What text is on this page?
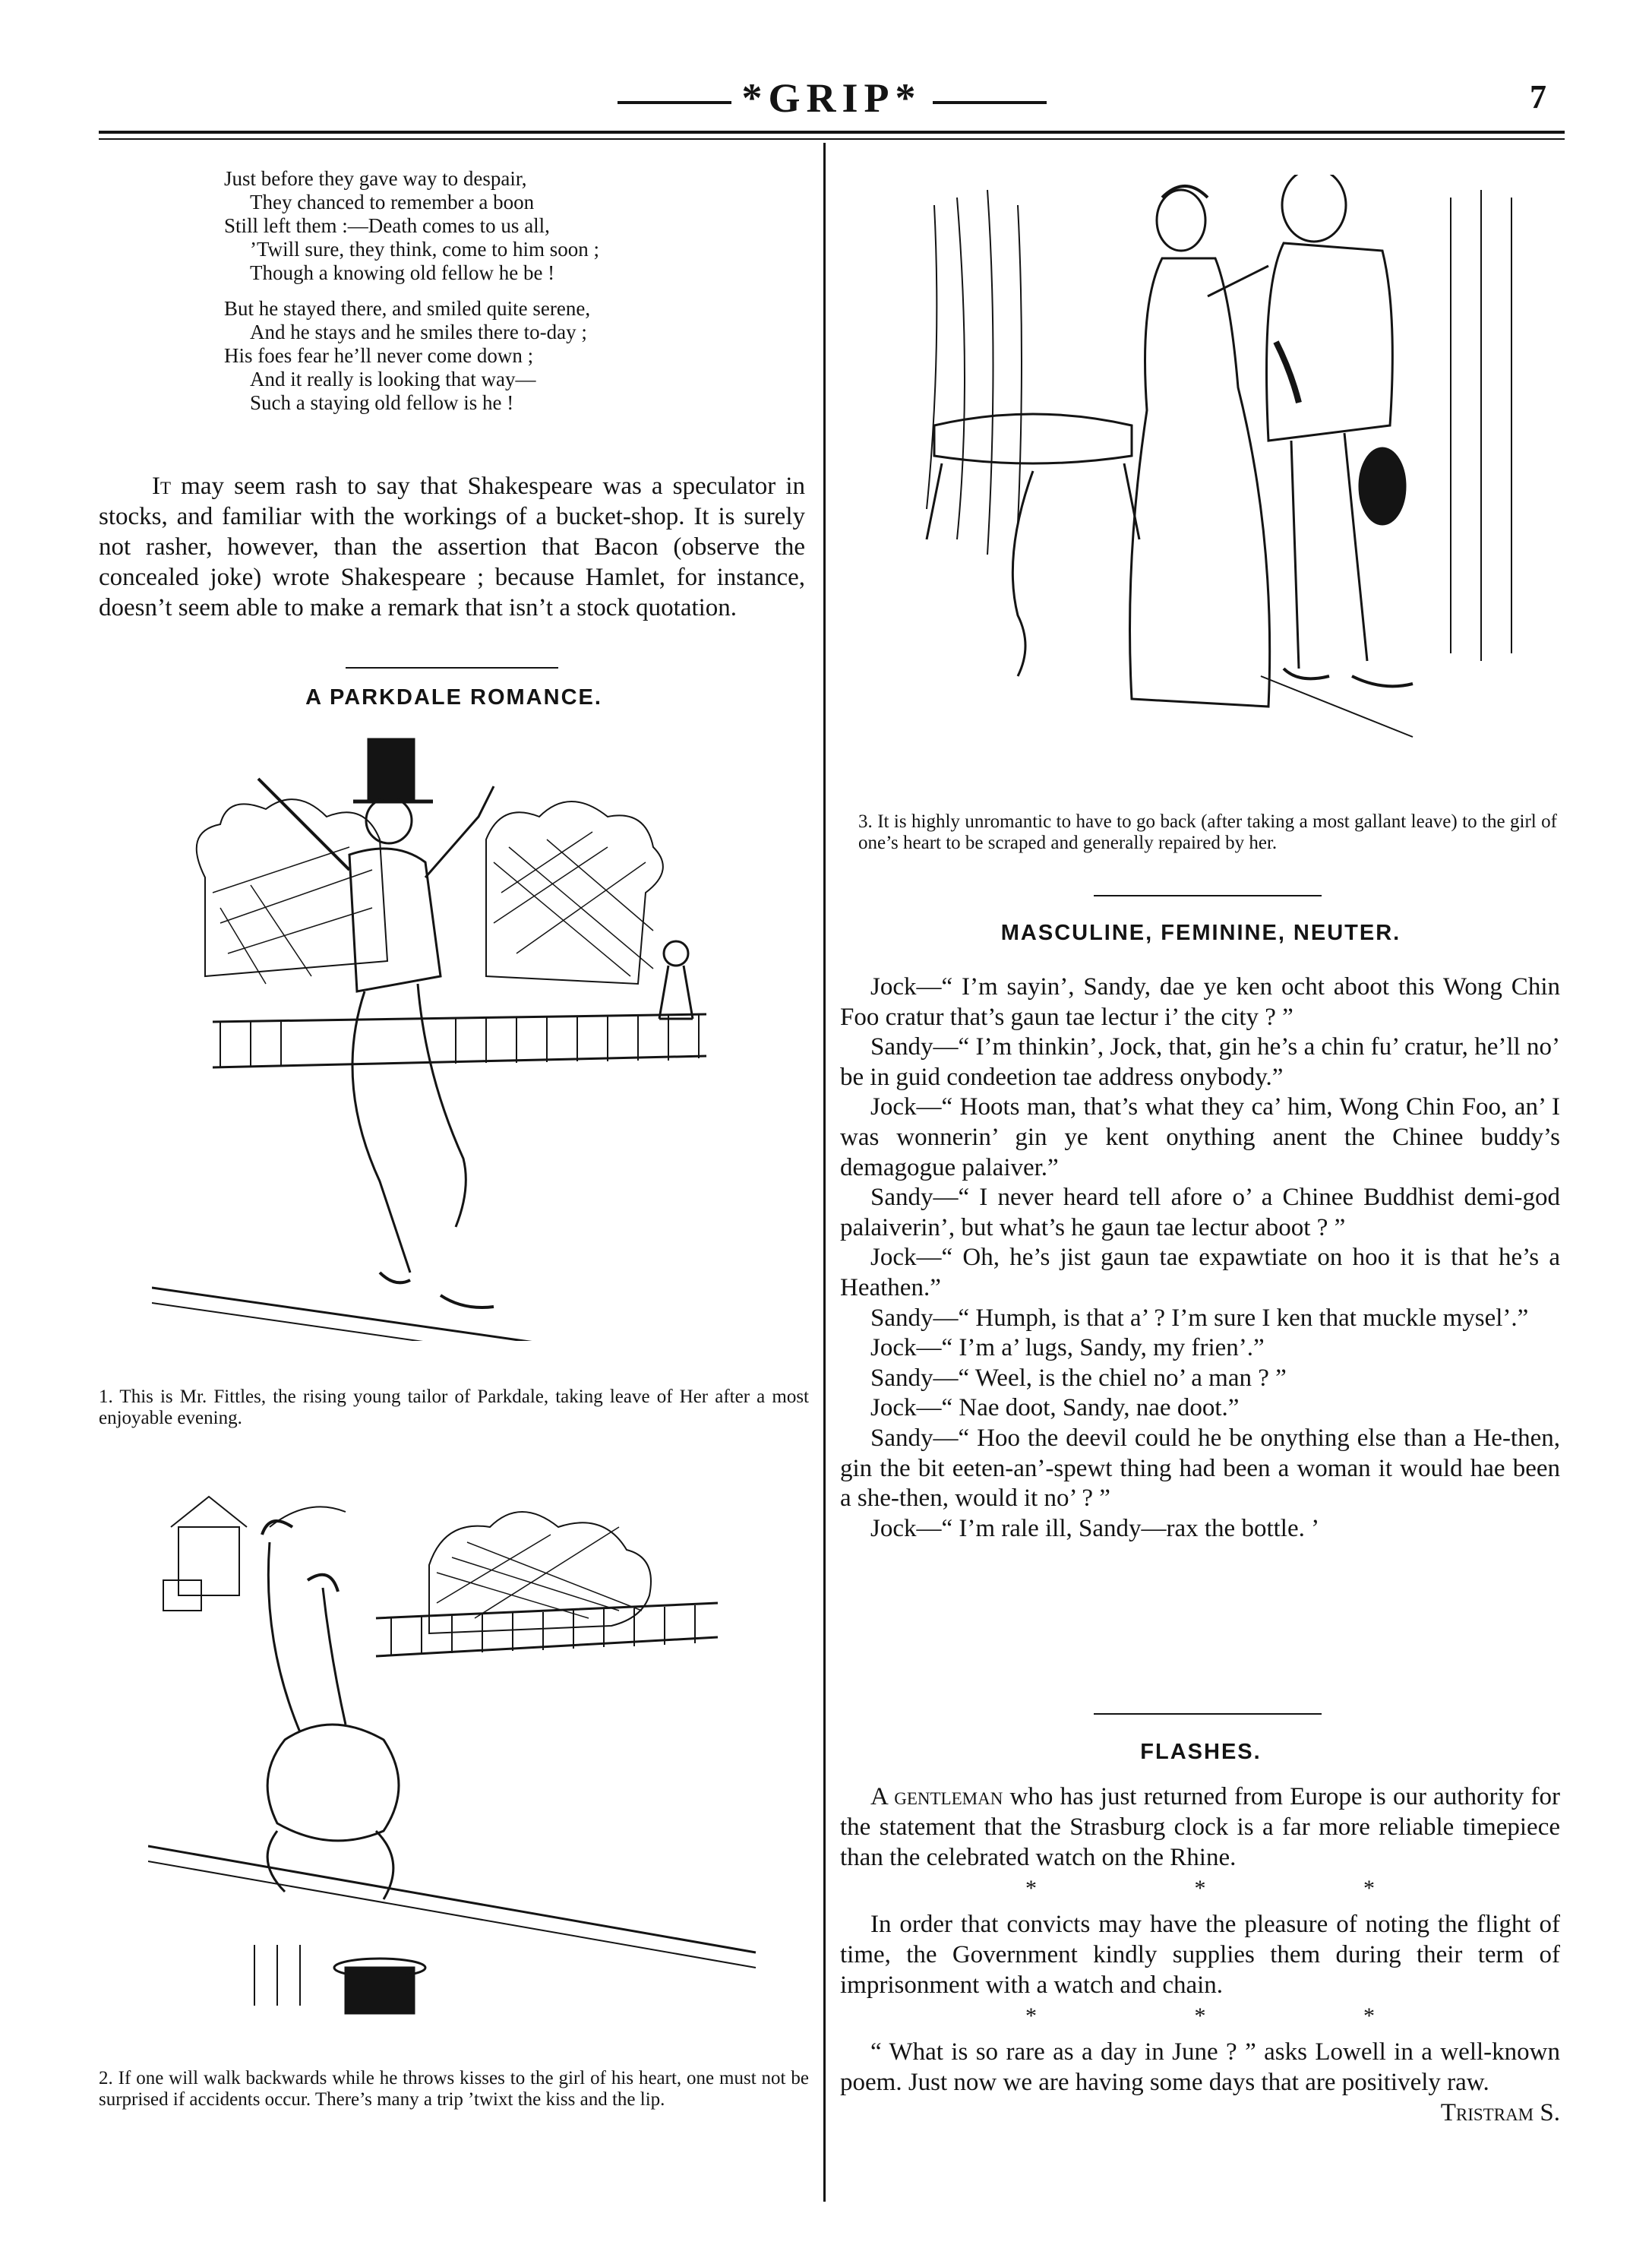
*GRIP*	7
Just before they gave way to despair,
They chanced to remember a boon
Still left them :—Death comes to us all,
’Twill sure, they think, come to him soon ;
Though a knowing old fellow he be !
But he stayed there, and smiled quite serene,
And he stays and he smiles there to-day ;
His foes fear he’ll never come down ;
And it really is looking that way—
Such a staying old fellow is he !

It may seem rash to say that Shakespeare was a speculator in stocks, and familiar with the workings of a bucket-shop. It is surely not rasher, however, than the assertion that Bacon (observe the concealed joke) wrote Shakespeare ; because Hamlet, for instance, doesn’t seem able to make a remark that isn’t a stock quotation.

A PARKDALE ROMANCE.
1. This is Mr. Fittles, the rising young tailor of Parkdale, taking leave of Her after a most enjoyable evening.
2. If one will walk backwards while he throws kisses to the girl of his heart, one must not be surprised if accidents occur. There’s many a trip ’twixt the kiss and the lip.
3. It is highly unromantic to have to go back (after taking a most gallant leave) to the girl of one’s heart to be scraped and generally repaired by her.
MASCULINE, FEMININE, NEUTER.

Jock—“ I’m sayin’, Sandy, dae ye ken ocht aboot this Wong Chin Foo cratur that’s gaun tae lectur i’ the city ? ”

Sandy—“ I’m thinkin’, Jock, that, gin he’s a chin fu’ cratur, he’ll no’ be in guid condeetion tae address onybody.”

Jock—“ Hoots man, that’s what they ca’ him, Wong Chin Foo, an’ I was wonnerin’ gin ye kent onything anent the Chinee buddy’s demagogue palaiver.”

Sandy—“ I never heard tell afore o’ a Chinee Buddhist demi-god palaiverin’, but what’s he gaun tae lectur aboot ? ”

Jock—“ Oh, he’s jist gaun tae expawtiate on hoo it is that he’s a Heathen.”

Sandy—“ Humph, is that a’ ? I’m sure I ken that muckle mysel’.”

Jock—“ I’m a’ lugs, Sandy, my frien’.”

Sandy—“ Weel, is the chiel no’ a man ? ”

Jock—“ Nae doot, Sandy, nae doot.”

Sandy—“ Hoo the deevil could he be onything else than a He-then, gin the bit eeten-an’-spewt thing had been a woman it would hae been a she-then, would it no’ ? ”

Jock—“ I’m rale ill, Sandy—rax the bottle. ’

FLASHES.

A gentleman who has just returned from Europe is our authority for the statement that the Strasburg clock is a far more reliable timepiece than the celebrated watch on the Rhine.

* * *

In order that convicts may have the pleasure of noting the flight of time, the Government kindly supplies them during their term of imprisonment with a watch and chain.

* * *

“ What is so rare as a day in June ? ” asks Lowell in a well-known poem. Just now we are having some days that are positively raw.
Tristram S.
